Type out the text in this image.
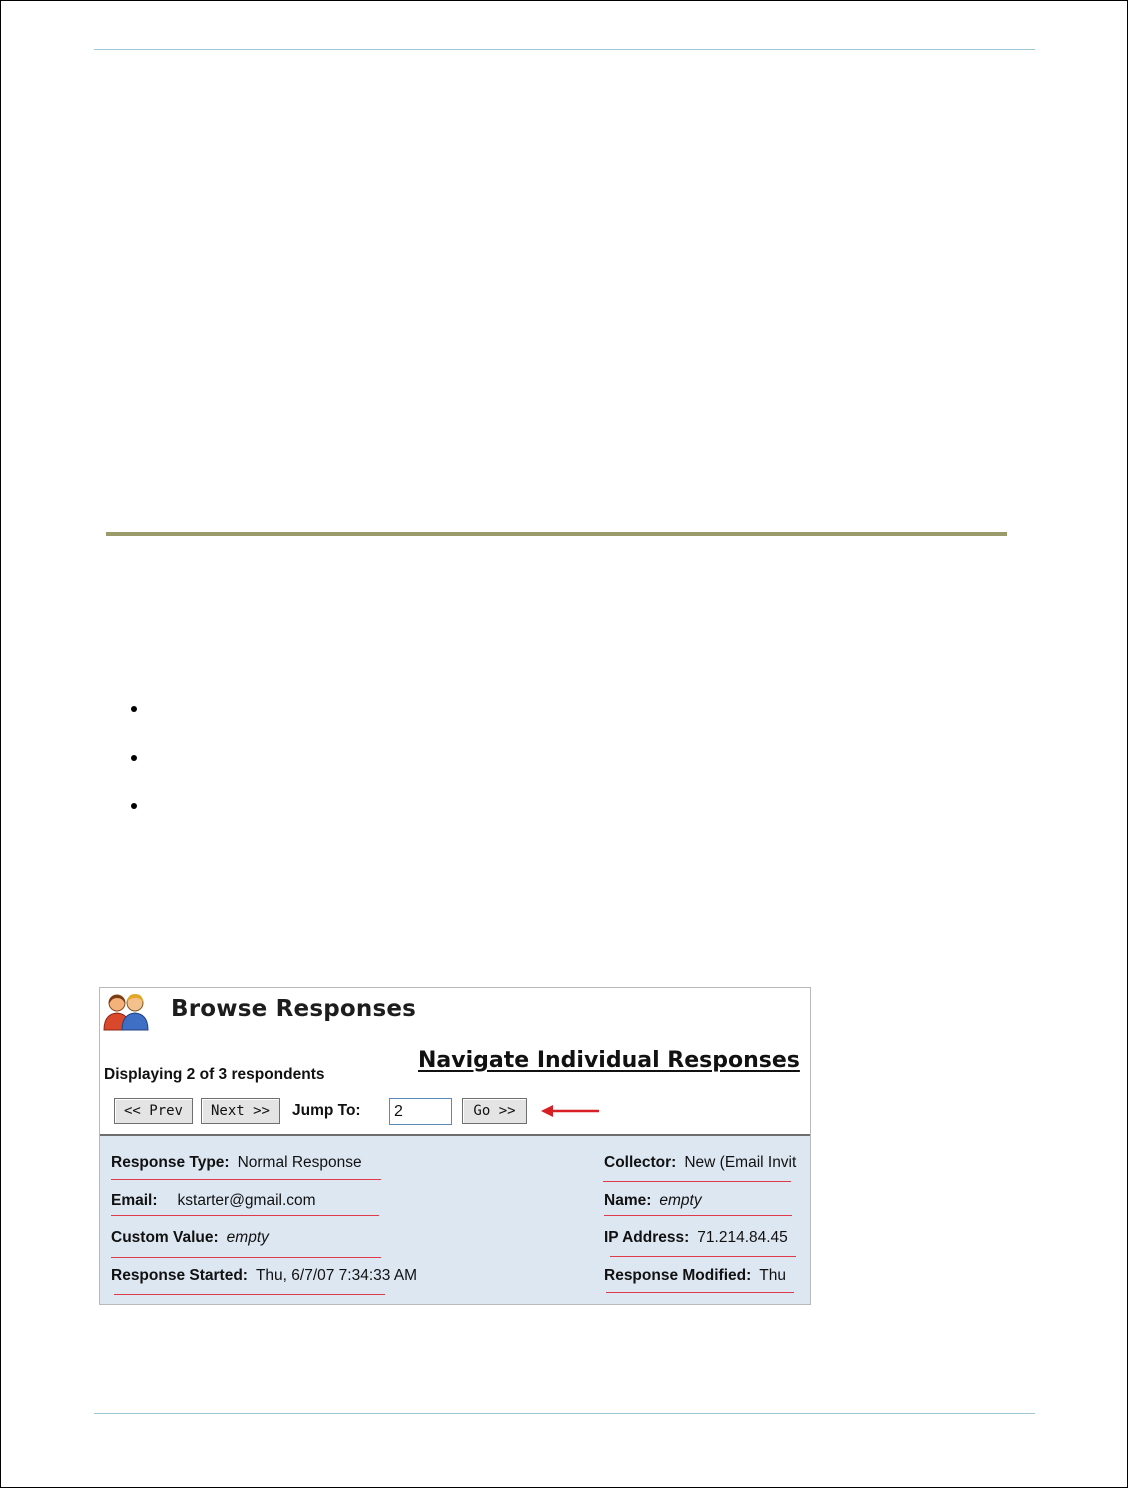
Browse Responses
Navigate Individual Responses
Displaying 2 of 3 respondents
<< Prev	Next >>	Jump To:
2	Go >>
Response Type: Normal Response	Collector: New (Email Invit
Email: kstarter@gmail.com	Name: empty
Custom Value: empty	IP Address: 71.214.84.45
Response Started: Thu, 6/7/07 7:34:33 AM	Response Modified: Thu
